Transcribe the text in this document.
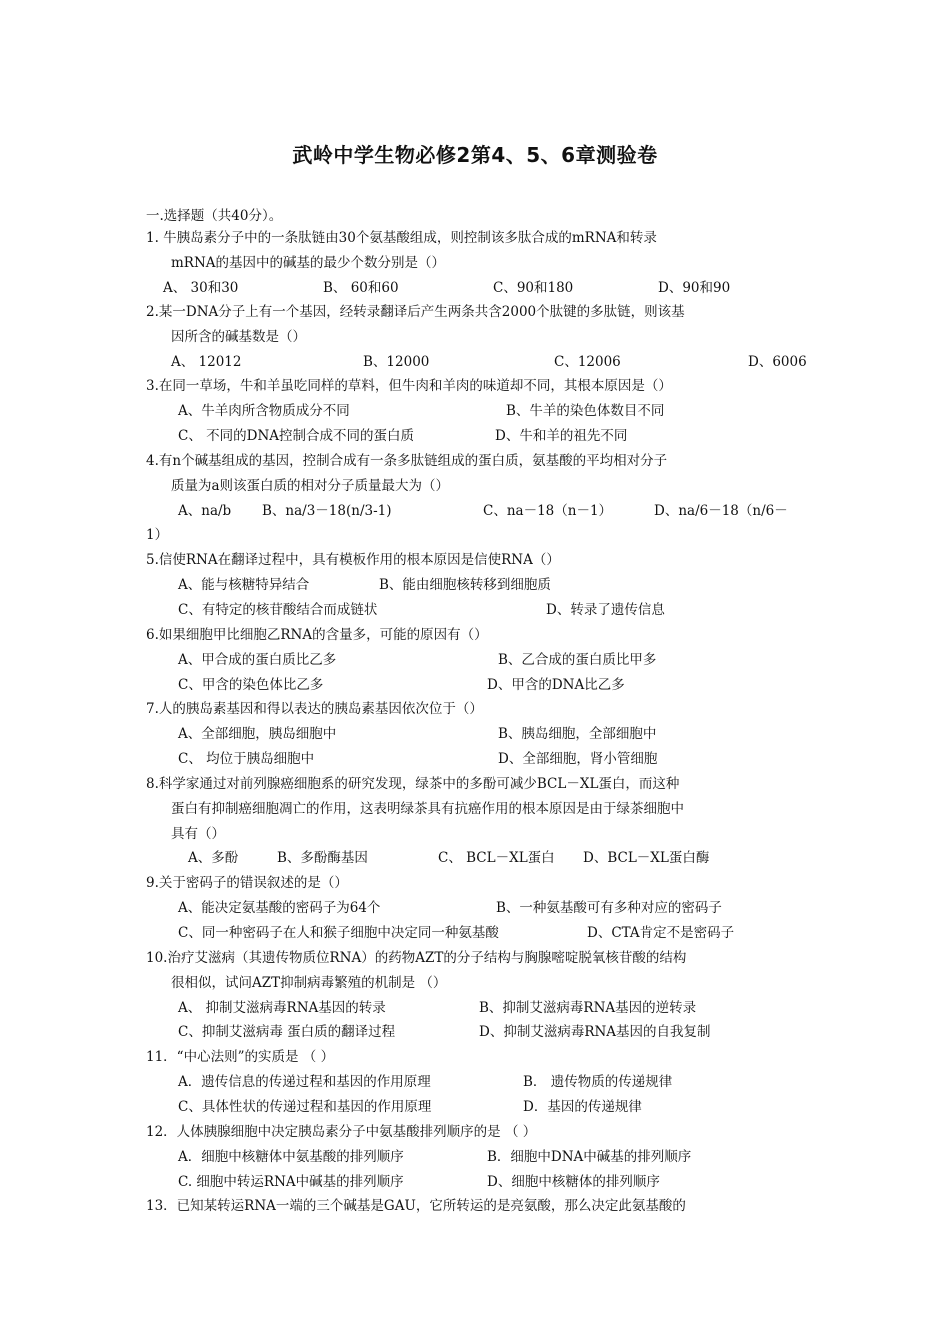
武岭中学生物必修2第4、5、6章测验卷
一.选择题（共40分）。
1. 牛胰岛素分子中的一条肽链由30个氨基酸组成，则控制该多肽合成的mRNA和转录
mRNA的基因中的碱基的最少个数分别是（）
A、 30和30	B、 60和60	C、90和180	D、90和90
2.某一DNA分子上有一个基因，经转录翻译后产生两条共含2000个肽键的多肽链，则该基
因所含的碱基数是（）
A、 12012	B、12000	C、12006	D、6006
3.在同一草场，牛和羊虽吃同样的草料，但牛肉和羊肉的味道却不同，其根本原因是（）
A、牛羊肉所含物质成分不同	B、牛羊的染色体数目不同
C、 不同的DNA控制合成不同的蛋白质	D、牛和羊的祖先不同
4.有n个碱基组成的基因，控制合成有一条多肽链组成的蛋白质，氨基酸的平均相对分子
质量为a则该蛋白质的相对分子质量最大为（）
A、na/b B、na/3－18(n/3-1)	C、na－18（n－1）	D、na/6－18（n/6－
1）
5.信使RNA在翻译过程中，具有模板作用的根本原因是信使RNA（）
A、能与核糖特异结合	B、能由细胞核转移到细胞质
C、有特定的核苷酸结合而成链状	D、转录了遗传信息
6.如果细胞甲比细胞乙RNA的含量多，可能的原因有（）
A、甲合成的蛋白质比乙多	B、乙合成的蛋白质比甲多
C、甲含的染色体比乙多	D、甲含的DNA比乙多
7.人的胰岛素基因和得以表达的胰岛素基因依次位于（）
A、全部细胞，胰岛细胞中	B、胰岛细胞，全部细胞中
C、 均位于胰岛细胞中	D、全部细胞，肾小管细胞
8.科学家通过对前列腺癌细胞系的研究发现，绿茶中的多酚可减少BCL－XL蛋白，而这种
蛋白有抑制癌细胞凋亡的作用，这表明绿茶具有抗癌作用的根本原因是由于绿茶细胞中
具有（）
A、多酚	B、多酚酶基因	C、 BCL－XL蛋白 D、BCL－XL蛋白酶
9.关于密码子的错误叙述的是（）
A、能决定氨基酸的密码子为64个	B、一种氨基酸可有多种对应的密码子
C、同一种密码子在人和猴子细胞中决定同一种氨基酸	D、CTA肯定不是密码子
10.治疗艾滋病（其遗传物质位RNA）的药物AZT的分子结构与胸腺嘧啶脱氧核苷酸的结构
很相似，试问AZT抑制病毒繁殖的机制是 （）
A、 抑制艾滋病毒RNA基因的转录	B、抑制艾滋病毒RNA基因的逆转录
C、抑制艾滋病毒 蛋白质的翻译过程	D、抑制艾滋病毒RNA基因的自我复制
11．“中心法则”的实质是 （ ）
A．遗传信息的传递过程和基因的作用原理	B． 遗传物质的传递规律
C、具体性状的传递过程和基因的作用原理	D．基因的传递规律
12．人体胰腺细胞中决定胰岛素分子中氨基酸排列顺序的是 （ ）
A．细胞中核糖体中氨基酸的排列顺序	B．细胞中DNA中碱基的排列顺序
C. 细胞中转运RNA中碱基的排列顺序	D、细胞中核糖体的排列顺序
13．已知某转运RNA一端的三个碱基是GAU，它所转运的是亮氨酸，那么决定此氨基酸的
